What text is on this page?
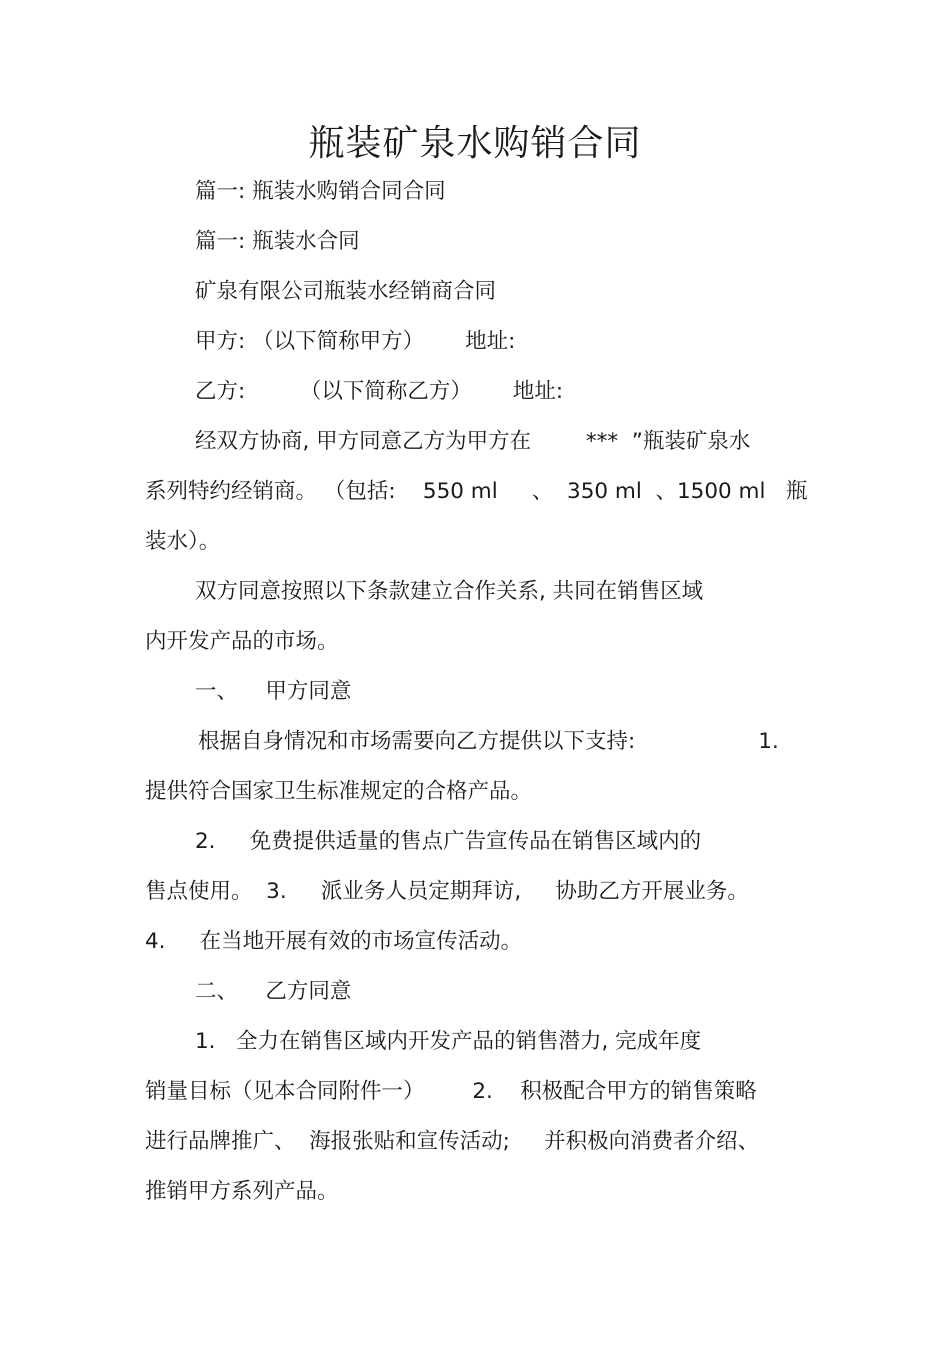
瓶装矿泉水购销合同
篇一: 瓶装水购销合同合同
篇一: 瓶装水合同
矿泉有限公司瓶装水经销商合同
甲方: （以下简称甲方）      地址:
乙方:        （以下简称乙方）      地址:
经双方协商, 甲方同意乙方为甲方在        ***  ”瓶装矿泉水
系列特约经销商。 （包括:    550 ml     、  350 ml  、1500 ml   瓶
装水）。
双方同意按照以下条款建立合作关系, 共同在销售区域
内开发产品的市场。
一、    甲方同意
根据自身情况和市场需要向乙方提供以下支持:                  1.
提供符合国家卫生标准规定的合格产品。
2.     免费提供适量的售点广告宣传品在销售区域内的
售点使用。  3.     派业务人员定期拜访,     协助乙方开展业务。
4.     在当地开展有效的市场宣传活动。
二、    乙方同意
1.   全力在销售区域内开发产品的销售潜力, 完成年度
销量目标（见本合同附件一）       2.    积极配合甲方的销售策略
进行品牌推广、  海报张贴和宣传活动;     并积极向消费者介绍、
推销甲方系列产品。
